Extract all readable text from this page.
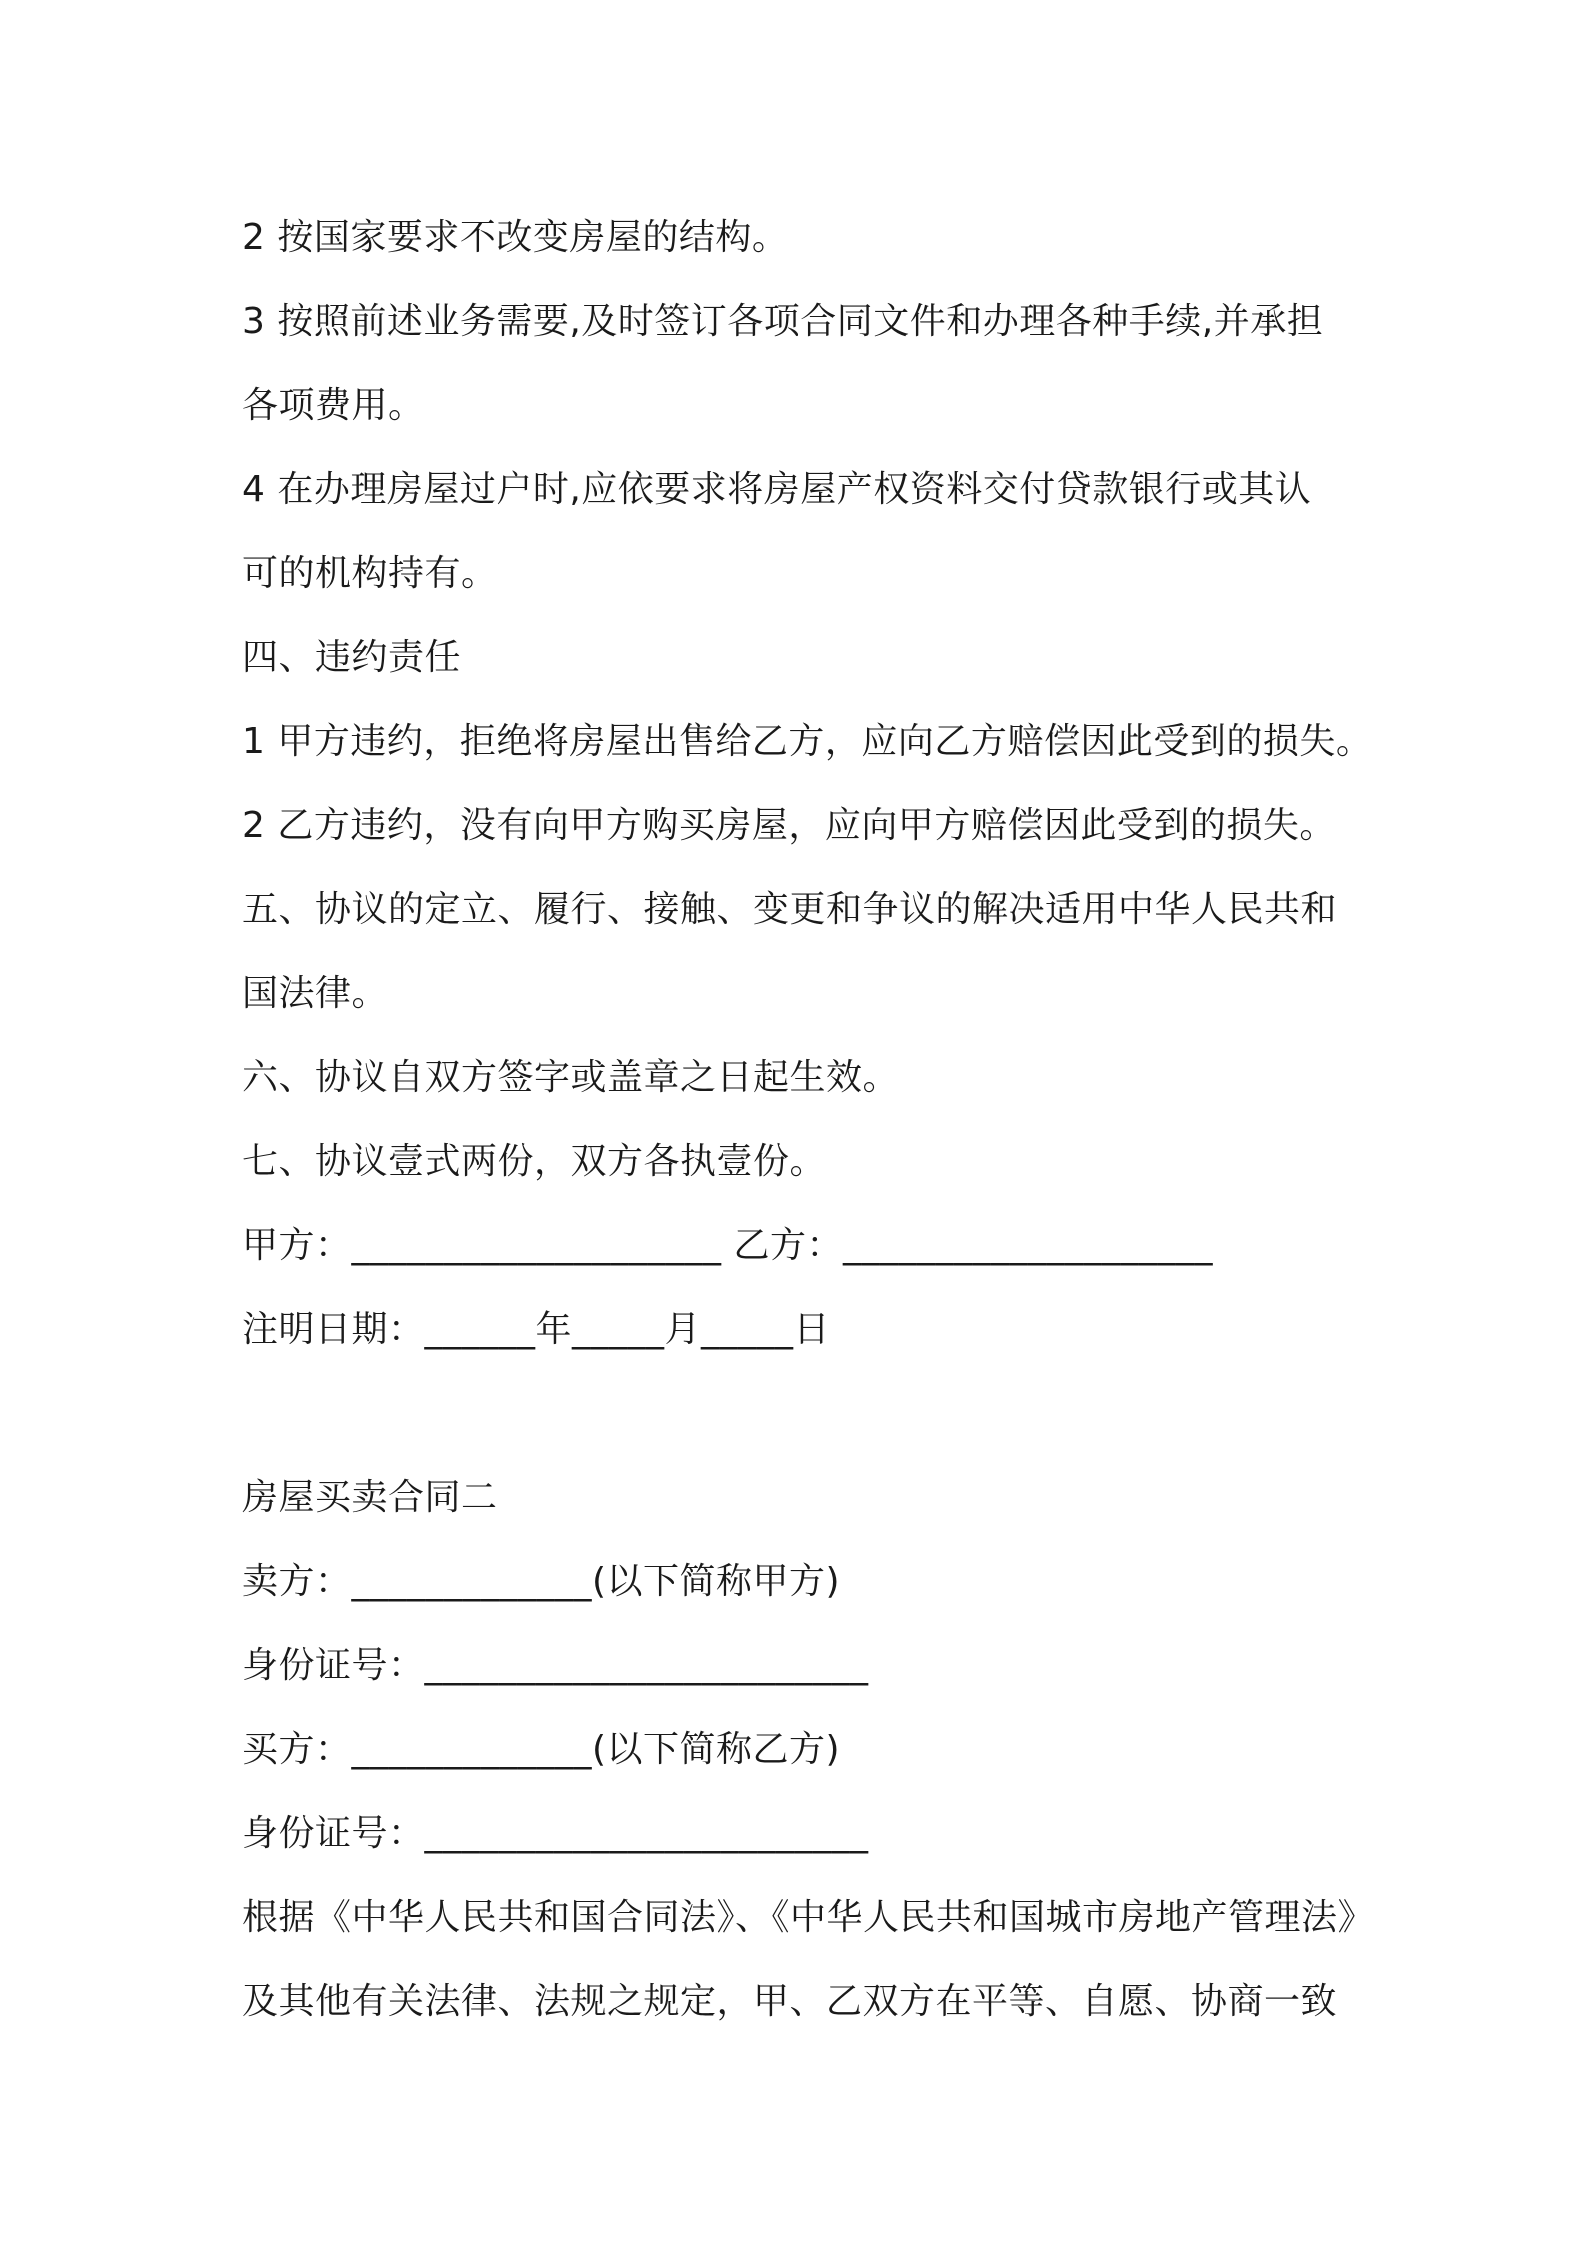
2 按国家要求不改变房屋的结构。
3 按照前述业务需要,及时签订各项合同文件和办理各种手续,并承担
各项费用。
4 在办理房屋过户时,应依要求将房屋产权资料交付贷款银行或其认
可的机构持有。
四、违约责任
1 甲方违约，拒绝将房屋出售给乙方，应向乙方赔偿因此受到的损失。
2 乙方违约，没有向甲方购买房屋，应向甲方赔偿因此受到的损失。
五、协议的定立、履行、接触、变更和争议的解决适用中华人民共和
国法律。
六、协议自双方签字或盖章之日起生效。
七、协议壹式两份，双方各执壹份。
甲方：____________________ 乙方：____________________
注明日期：______年_____月_____日
房屋买卖合同二
卖方：_____________(以下简称甲方)
身份证号：________________________
买方：_____________(以下简称乙方)
身份证号：________________________
根据《中华人民共和国合同法》、《中华人民共和国城市房地产管理法》
及其他有关法律、法规之规定，甲、乙双方在平等、自愿、协商一致
